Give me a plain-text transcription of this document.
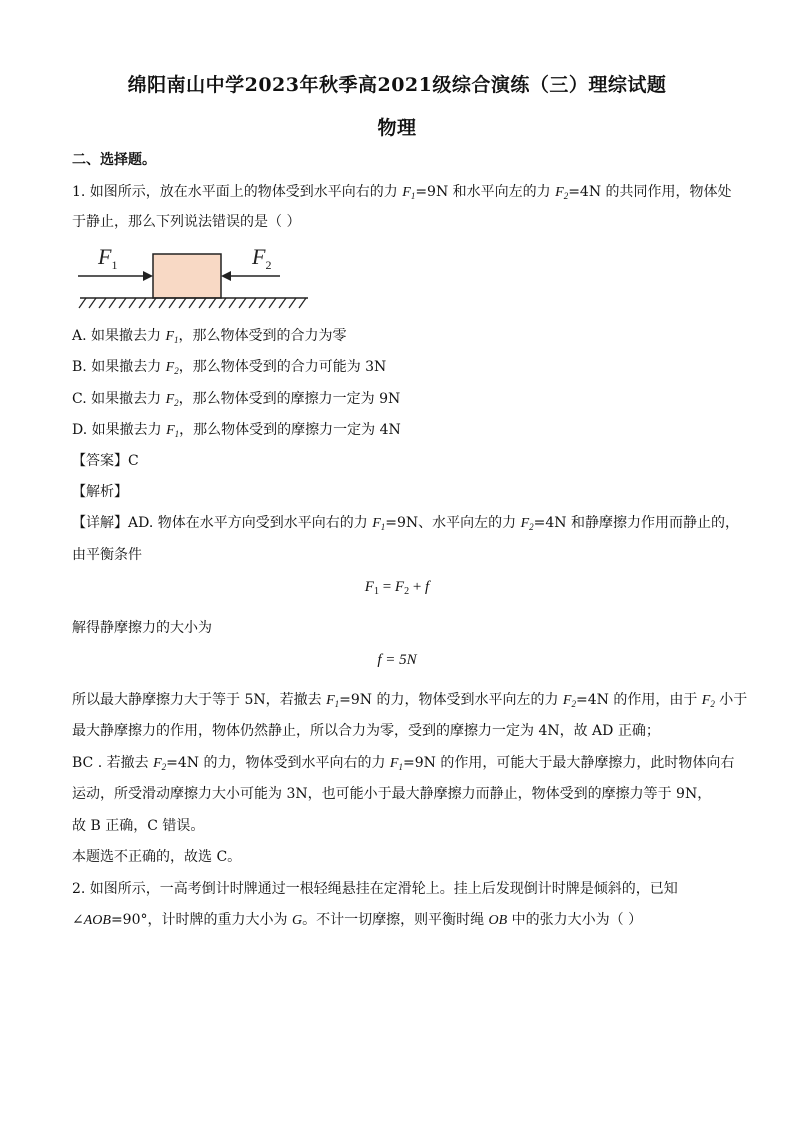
绵阳南山中学2023年秋季高2021级综合演练（三）理综试题
物理
二、选择题。
1. 如图所示，放在水平面上的物体受到水平向右的力 $F_1=9N$ 和水平向左的力 $F_2=4N$ 的共同作用，物体处
于静止，那么下列说法错误的是（ ）
$F_1$	$F_2$
A. 如果撤去力 $F_1$，那么物体受到的合力为零
B. 如果撤去力 $F_2$，那么物体受到的合力可能为 3N
C. 如果撤去力 $F_2$，那么物体受到的摩擦力一定为 9N
D. 如果撤去力 $F_1$，那么物体受到的摩擦力一定为 4N
【答案】C
【解析】
【详解】AD. 物体在水平方向受到水平向右的力 $F_1=9N$、水平向左的力 $F_2=4N$ 和静摩擦力作用而静止的，
由平衡条件
$F_1 = F_2 + f$
解得静摩擦力的大小为
f = 5N
所以最大静摩擦力大于等于 5N，若撤去 $F_1=9N$ 的力，物体受到水平向左的力 $F_2=4N$ 的作用，由于 $F_2$ 小于
最大静摩擦力的作用，物体仍然静止，所以合力为零，受到的摩擦力一定为 4N，故 AD 正确；
BC . 若撤去 $F_2=4N$ 的力，物体受到水平向右的力 $F_1=9N$ 的作用，可能大于最大静摩擦力，此时物体向右
运动，所受滑动摩擦力大小可能为 3N，也可能小于最大静摩擦力而静止，物体受到的摩擦力等于 9N，
故 B 正确，C 错误。
本题选不正确的，故选 C。
2. 如图所示，一高考倒计时牌通过一根轻绳悬挂在定滑轮上。挂上后发现倒计时牌是倾斜的，已知
∠AOB=90°，计时牌的重力大小为 G。不计一切摩擦，则平衡时绳 OB 中的张力大小为（ ）
